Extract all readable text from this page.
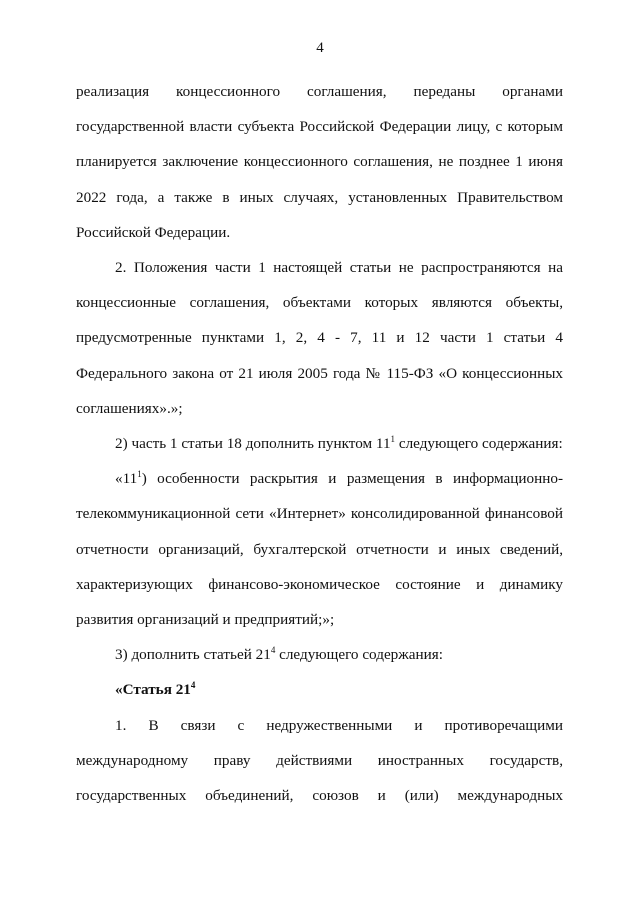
4

реализация концессионного соглашения, переданы органами государственной власти субъекта Российской Федерации лицу, с которым планируется заключение концессионного соглашения, не позднее 1 июня 2022 года, а также в иных случаях, установленных Правительством Российской Федерации.

2. Положения части 1 настоящей статьи не распространяются на концессионные соглашения, объектами которых являются объекты, предусмотренные пунктами 1, 2, 4 - 7, 11 и 12 части 1 статьи 4 Федерального закона от 21 июля 2005 года № 115-ФЗ «О концессионных соглашениях».»;

2) часть 1 статьи 18 дополнить пунктом $11^1$ следующего содержания:

«$11^1$) особенности раскрытия и размещения в информационно-телекоммуникационной сети «Интернет» консолидированной финансовой отчетности организаций, бухгалтерской отчетности и иных сведений, характеризующих финансово-экономическое состояние и динамику развития организаций и предприятий;»;

3) дополнить статьей $21^4$ следующего содержания:

«Статья $21^4$

1. В связи с недружественными и противоречащими международному праву действиями иностранных государств, государственных объединений, союзов и (или) международных
